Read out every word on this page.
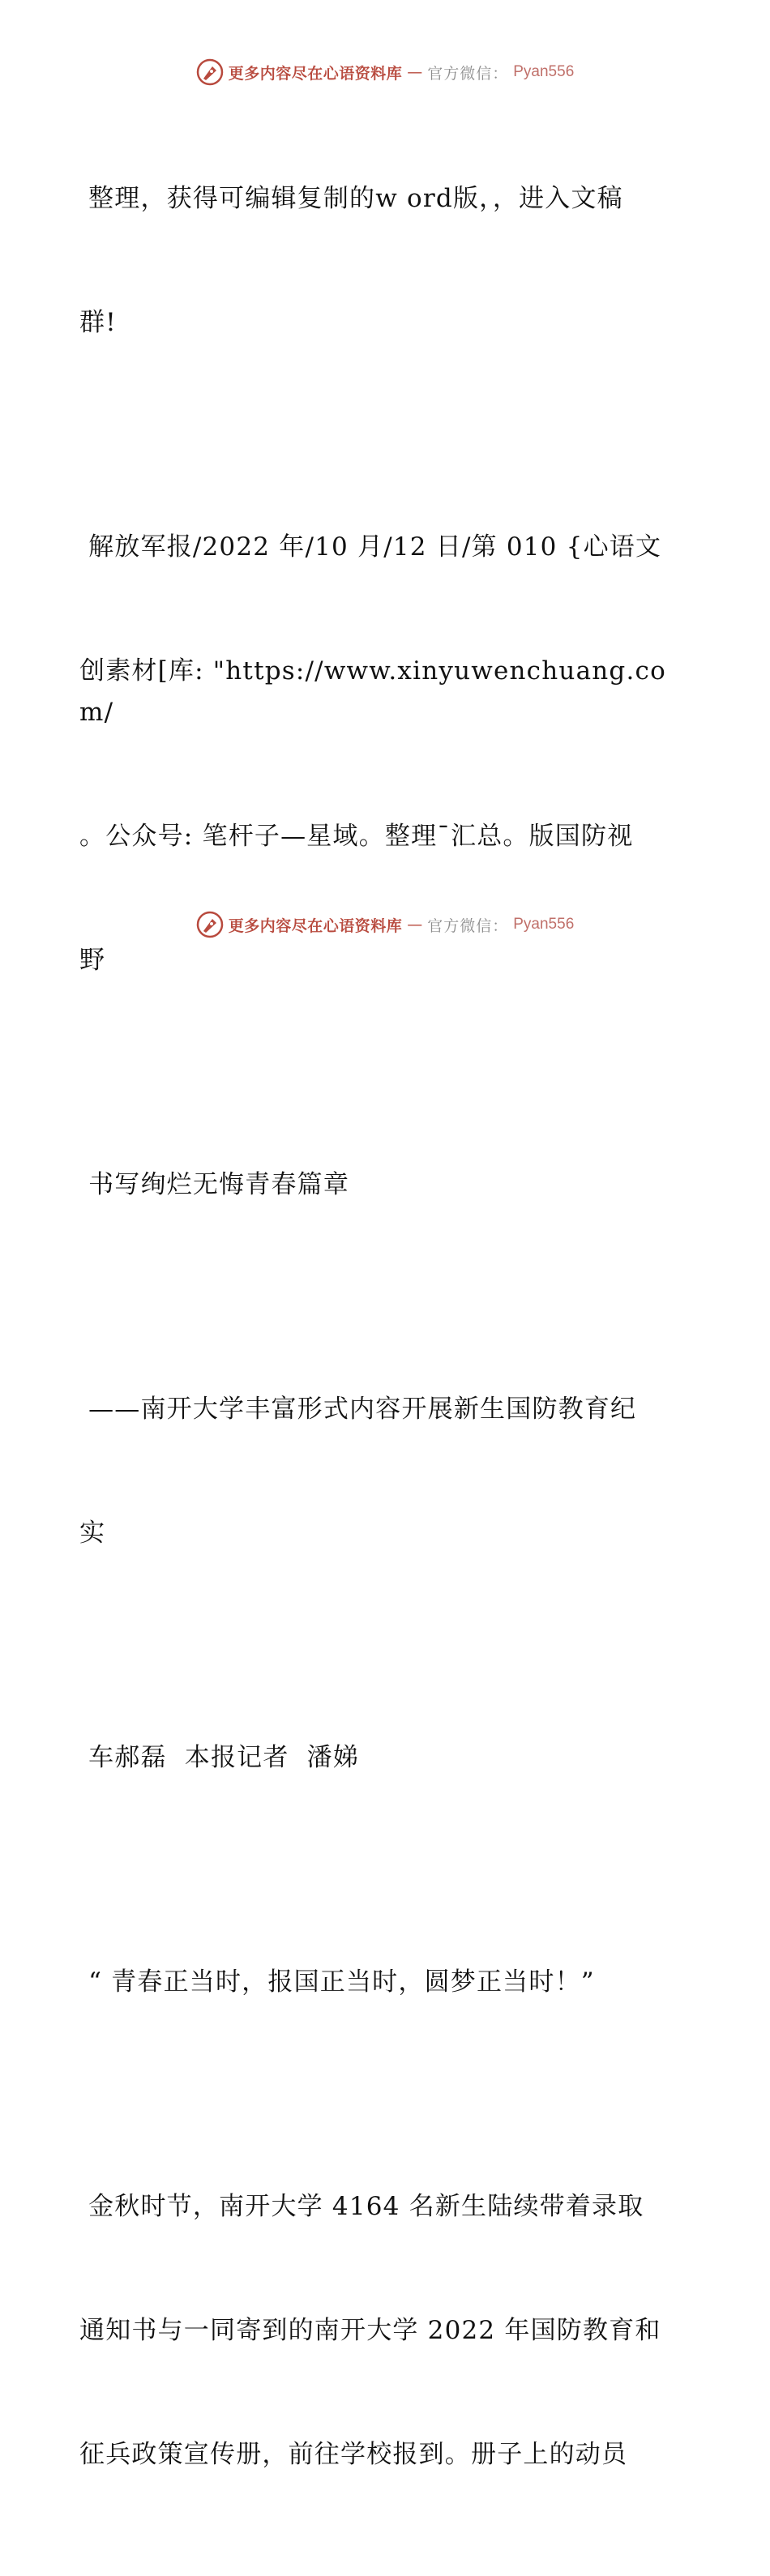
更多内容尽在心语资料库 — 官方微信： Pyan556

整理，获得可编辑复制的w ord版，，进入文稿

群!

解放军报/2022 年/10 月/12 日/第 010 {心语文

创素材[库: "https://www.xinyuwenchuang.com/

。公众号: 笔杆子—星域。整理¯汇总。版国防视

野

书写绚烂无悔青春篇章

——南开大学丰富形式内容开展新生国防教育纪

实

车郝磊  本报记者  潘娣

“ 青春正当时，报国正当时，圆梦正当时！”

金秋时节，南开大学 4164 名新生陆续带着录取

通知书与一同寄到的南开大学 2022 年国防教育和

征兵政策宣传册，前往学校报到。册子上的动员

更多内容尽在心语资料库 — 官方微信： Pyan556
